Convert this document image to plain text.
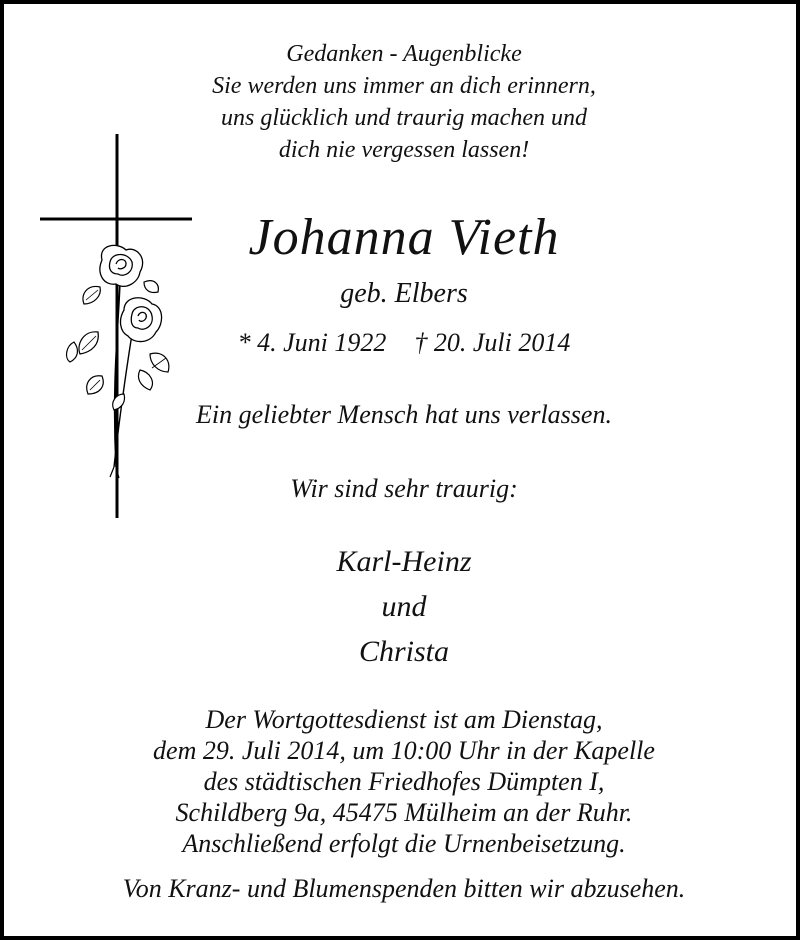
Gedanken - Augenblicke
Sie werden uns immer an dich erinnern,
uns glücklich und traurig machen und
dich nie vergessen lassen!
Johanna Vieth
geb. Elbers
* 4. Juni 1922 † 20. Juli 2014
Ein geliebter Mensch hat uns verlassen.
Wir sind sehr traurig:
Karl-Heinz
und
Christa
Der Wortgottesdienst ist am Dienstag,
dem 29. Juli 2014, um 10:00 Uhr in der Kapelle
des städtischen Friedhofes Dümpten I,
Schildberg 9a, 45475 Mülheim an der Ruhr.
Anschließend erfolgt die Urnenbeisetzung.
Von Kranz- und Blumenspenden bitten wir abzusehen.
